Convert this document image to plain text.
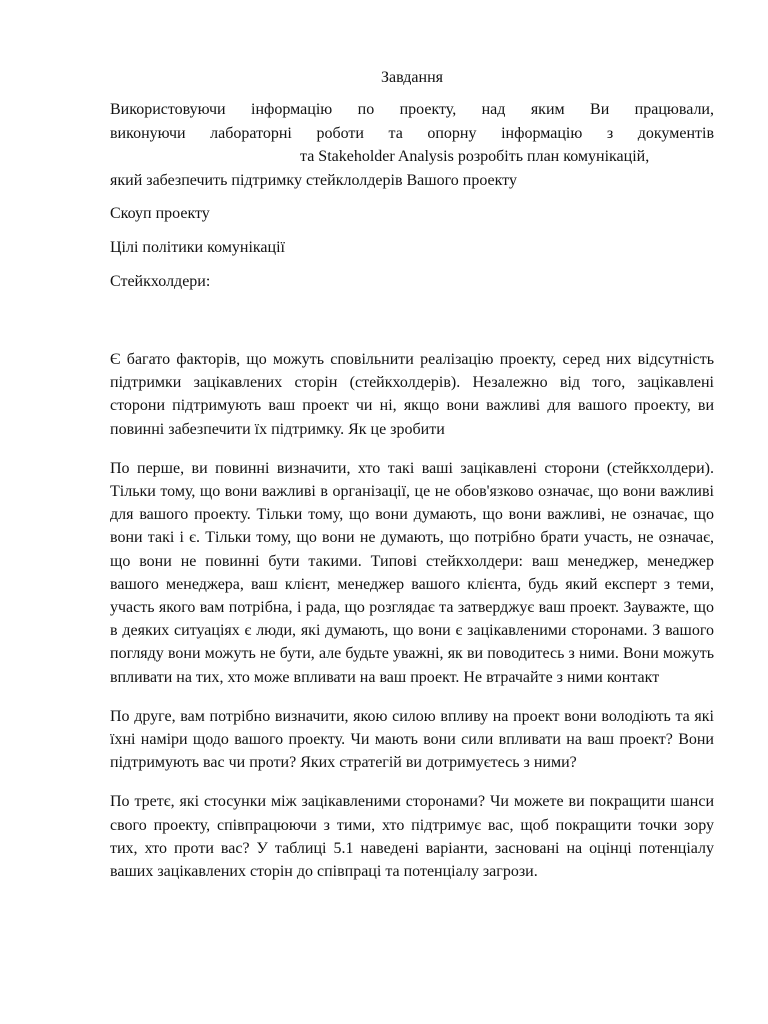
Завдання
Використовуючи інформацію по проекту, над яким Ви працювали,
виконуючи лабораторні роботи та опорну інформацію з документів
та Stakeholder Analysis розробіть план комунікацій,
який забезпечить підтримку стейклолдерів Вашого проекту
Скоуп проекту
Цілі політики комунікації
Стейкхолдери:

Є багато факторів, що можуть сповільнити реалізацію проекту, серед них відсутність підтримки зацікавлених сторін (стейкхолдерів). Незалежно від того, зацікавлені сторони підтримують ваш проект чи ні, якщо вони важливі для вашого проекту, ви повинні забезпечити їх підтримку. Як це зробити

По перше, ви повинні визначити, хто такі ваші зацікавлені сторони (стейкхолдери). Тільки тому, що вони важливі в організації, це не обов'язково означає, що вони важливі для вашого проекту. Тільки тому, що вони думають, що вони важливі, не означає, що вони такі і є. Тільки тому, що вони не думають, що потрібно брати участь, не означає, що вони не повинні бути такими. Типові стейкхолдери: ваш менеджер, менеджер вашого менеджера, ваш клієнт, менеджер вашого клієнта, будь який експерт з теми, участь якого вам потрібна, і рада, що розглядає та затверджує ваш проект. Зауважте, що в деяких ситуаціях є люди, які думають, що вони є зацікавленими сторонами. З вашого погляду вони можуть не бути, але будьте уважні, як ви поводитесь з ними. Вони можуть впливати на тих, хто може впливати на ваш проект. Не втрачайте з ними контакт

По друге, вам потрібно визначити, якою силою впливу на проект вони володіють та які їхні наміри щодо вашого проекту. Чи мають вони сили впливати на ваш проект? Вони підтримують вас чи проти? Яких стратегій ви дотримуєтесь з ними?

По третє, які стосунки між зацікавленими сторонами? Чи можете ви покращити шанси свого проекту, співпрацюючи з тими, хто підтримує вас, щоб покращити точки зору тих, хто проти вас? У таблиці 5.1 наведені варіанти, засновані на оцінці потенціалу ваших зацікавлених сторін до співпраці та потенціалу загрози.
